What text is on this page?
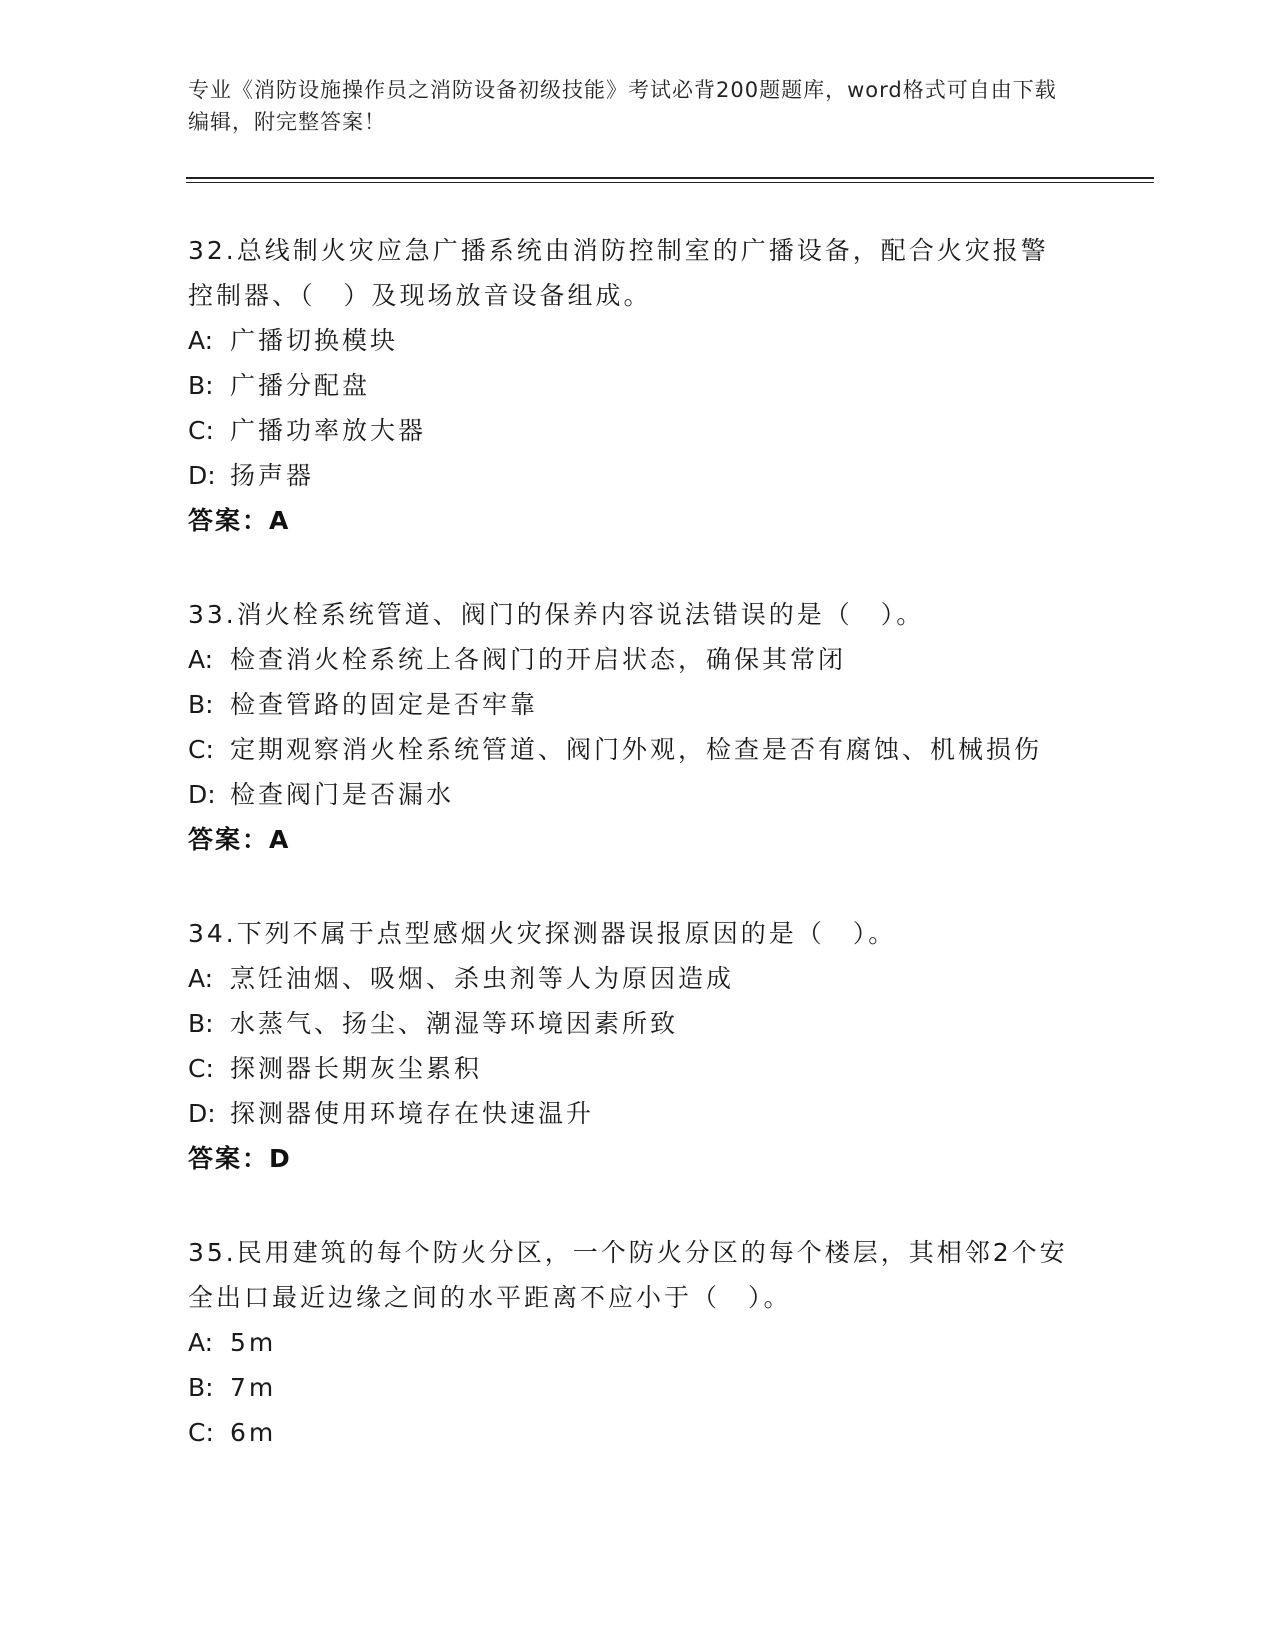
专业《消防设施操作员之消防设备初级技能》考试必背200题题库，word格式可自由下载编辑，附完整答案！
32.总线制火灾应急广播系统由消防控制室的广播设备，配合火灾报警控制器、（　）及现场放音设备组成。
A: 广播切换模块
B: 广播分配盘
C: 广播功率放大器
D: 扬声器
答案：A
33.消火栓系统管道、阀门的保养内容说法错误的是（　）。
A: 检查消火栓系统上各阀门的开启状态，确保其常闭
B: 检查管路的固定是否牢靠
C: 定期观察消火栓系统管道、阀门外观，检查是否有腐蚀、机械损伤
D: 检查阀门是否漏水
答案：A
34.下列不属于点型感烟火灾探测器误报原因的是（　）。
A: 烹饪油烟、吸烟、杀虫剂等人为原因造成
B: 水蒸气、扬尘、潮湿等环境因素所致
C: 探测器长期灰尘累积
D: 探测器使用环境存在快速温升
答案：D
35.民用建筑的每个防火分区，一个防火分区的每个楼层，其相邻2个安全出口最近边缘之间的水平距离不应小于（　）。
A: 5m
B: 7m
C: 6m
